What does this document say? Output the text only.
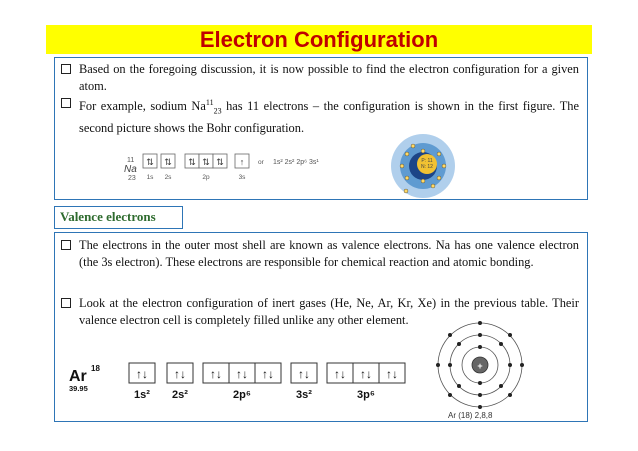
Electron Configuration
Based on the foregoing discussion, it is now possible to find the electron configuration for a given atom.
For example, sodium $Na^{11}_{23}$ has 11 electrons – the configuration is shown in the first figure. The second picture shows the Bohr configuration.
11
Na
23
⇅ ⇅ ⇅ ⇅ ⇅ ↑
1s 2s	2p	3s
or 1s² 2s² 2p⁶ 3s¹	P: 11
N: 12
Valence electrons
The electrons in the outer most shell are known as valence electrons. Na has one valence electron (the 3s electron). These electrons are responsible for chemical reaction and atomic bonding.
Look at the electron configuration of inert gases (He, Ne, Ar, Kr, Xe) in the previous table. Their valence electron cell is completely filled unlike any other element.
Ar 18
39.95
↑↓ ↑↓ ↑↓ ↑↓ ↑↓ ↑↓ ↑↓ ↑↓ ↑↓
1s² 2s²	2p⁶	3s²	3p⁶
+
Ar (18) 2,8,8
